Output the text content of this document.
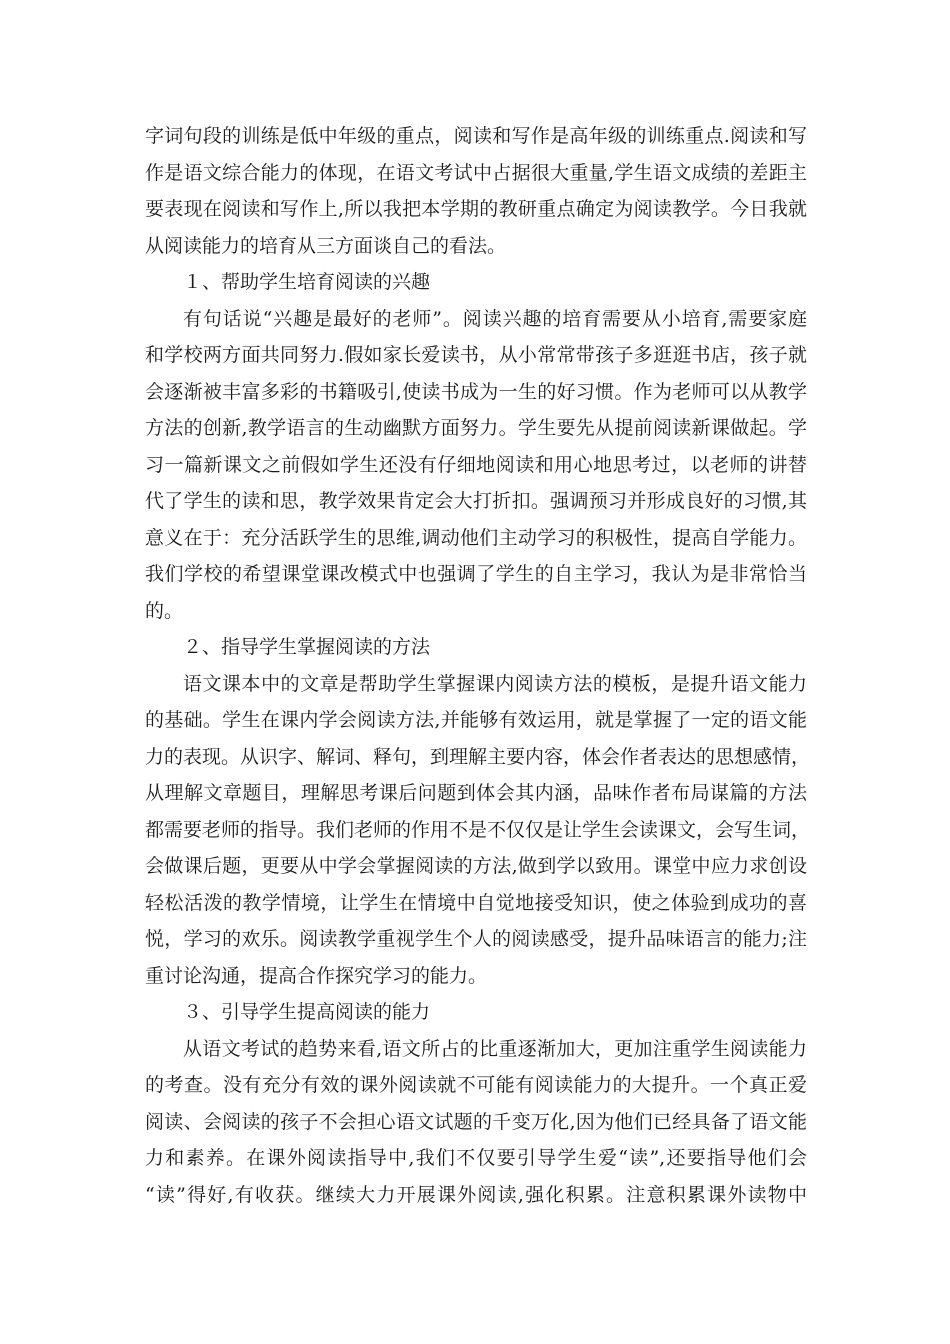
字词句段的训练是低中年级的重点，阅读和写作是高年级的训练重点.阅读和写
作是语文综合能力的体现，在语文考试中占据很大重量,学生语文成绩的差距主
要表现在阅读和写作上,所以我把本学期的教研重点确定为阅读教学。今日我就
从阅读能力的培育从三方面谈自己的看法。
１、帮助学生培育阅读的兴趣
有句话说“兴趣是最好的老师”。阅读兴趣的培育需要从小培育,需要家庭
和学校两方面共同努力.假如家长爱读书，从小常常带孩子多逛逛书店，孩子就
会逐渐被丰富多彩的书籍吸引,使读书成为一生的好习惯。作为老师可以从教学
方法的创新,教学语言的生动幽默方面努力。学生要先从提前阅读新课做起。学
习一篇新课文之前假如学生还没有仔细地阅读和用心地思考过，以老师的讲替
代了学生的读和思，教学效果肯定会大打折扣。强调预习并形成良好的习惯,其
意义在于：充分活跃学生的思维,调动他们主动学习的积极性，提高自学能力。
我们学校的希望课堂课改模式中也强调了学生的自主学习，我认为是非常恰当
的。
２、指导学生掌握阅读的方法
语文课本中的文章是帮助学生掌握课内阅读方法的模板，是提升语文能力
的基础。学生在课内学会阅读方法,并能够有效运用，就是掌握了一定的语文能
力的表现。从识字、解词、释句，到理解主要内容，体会作者表达的思想感情，
从理解文章题目，理解思考课后问题到体会其内涵，品味作者布局谋篇的方法
都需要老师的指导。我们老师的作用不是不仅仅是让学生会读课文，会写生词，
会做课后题，更要从中学会掌握阅读的方法,做到学以致用。课堂中应力求创设
轻松活泼的教学情境，让学生在情境中自觉地接受知识，使之体验到成功的喜
悦，学习的欢乐。阅读教学重视学生个人的阅读感受，提升品味语言的能力;注
重讨论沟通，提高合作探究学习的能力。
３、引导学生提高阅读的能力
从语文考试的趋势来看,语文所占的比重逐渐加大，更加注重学生阅读能力
的考查。没有充分有效的课外阅读就不可能有阅读能力的大提升。一个真正爱
阅读、会阅读的孩子不会担心语文试题的千变万化,因为他们已经具备了语文能
力和素养。在课外阅读指导中,我们不仅要引导学生爱“读”,还要指导他们会
“读”得好,有收获。继续大力开展课外阅读,强化积累。注意积累课外读物中
